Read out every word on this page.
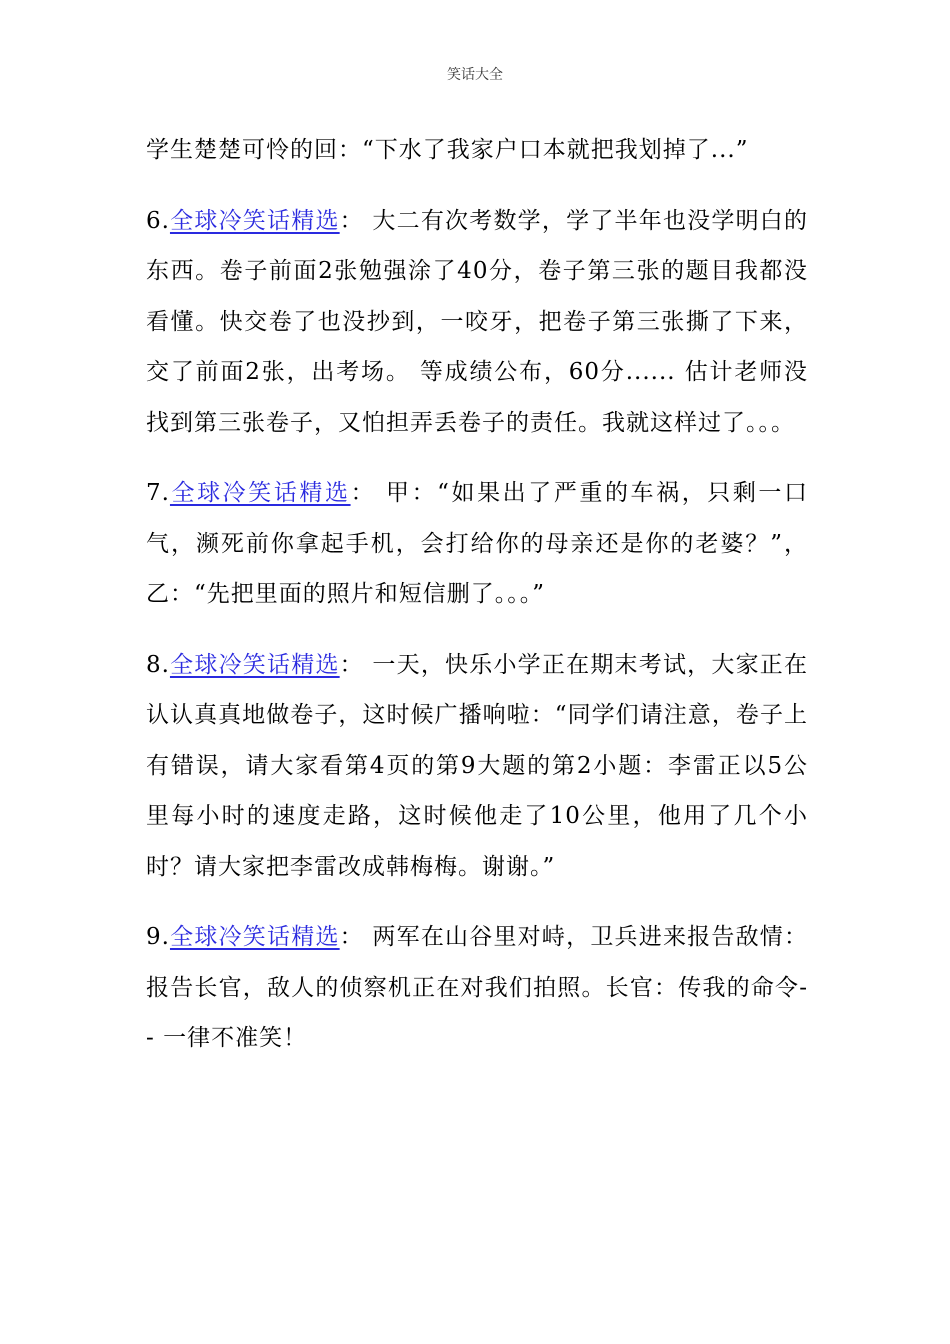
笑话大全

学生楚楚可怜的回：“下水了我家户口本就把我划掉了...”

6.全球冷笑话精选： 大二有次考数学，学了半年也没学明白的东西。卷子前面2张勉强涂了40分，卷子第三张的题目我都没看懂。快交卷了也没抄到，一咬牙，把卷子第三张撕了下来，交了前面2张，出考场。 等成绩公布，60分...... 估计老师没找到第三张卷子，又怕担弄丢卷子的责任。我就这样过了。。。

7.全球冷笑话精选： 甲：“如果出了严重的车祸，只剩一口气，濒死前你拿起手机，会打给你的母亲还是你的老婆？”，乙：“先把里面的照片和短信删了。。。”

8.全球冷笑话精选： 一天，快乐小学正在期末考试，大家正在认认真真地做卷子，这时候广播响啦：“同学们请注意，卷子上有错误，请大家看第4页的第9大题的第2小题：李雷正以5公里每小时的速度走路，这时候他走了10公里，他用了几个小时？请大家把李雷改成韩梅梅。谢谢。”

9.全球冷笑话精选： 两军在山谷里对峙，卫兵进来报告敌情：报告长官，敌人的侦察机正在对我们拍照。长官：传我的命令-- 一律不准笑！
